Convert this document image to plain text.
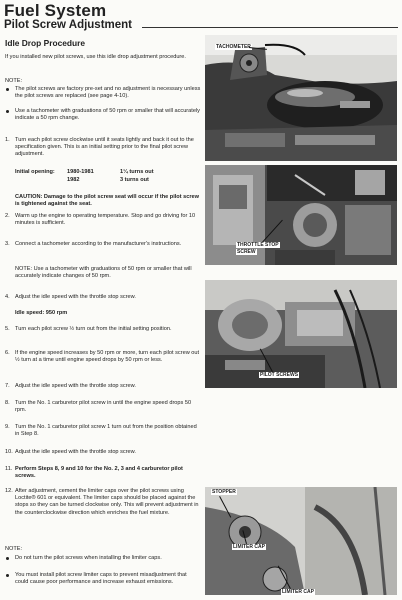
Fuel System
Pilot Screw Adjustment
Idle Drop Procedure
If you installed new pilot screws, use this idle drop adjustment procedure.
NOTE:
The pilot screws are factory pre-set and no adjustment is necessary unless the pilot screws are replaced (see page 4-10).
Use a tachometer with graduations of 50 rpm or smaller that will accurately indicate a 50 rpm change.
1. Turn each pilot screw clockwise until it seats lightly and back it out to the specification given. This is an initial setting prior to the final pilot screw adjustment.
Initial opening: 1980-1981	1¼ turns out
1982	3 turns out
CAUTION: Damage to the pilot screw seat will occur if the pilot screw is tightened against the seat.
2. Warm up the engine to operating temperature. Stop and go driving for 10 minutes is sufficient.
3. Connect a tachometer according to the manufacturer's instructions.
NOTE: Use a tachometer with graduations of 50 rpm or smaller that will accurately indicate changes of 50 rpm.
4. Adjust the idle speed with the throttle stop screw.
Idle speed: 950 rpm
5. Turn each pilot screw ½ turn out from the initial setting position.
6. If the engine speed increases by 50 rpm or more, turn each pilot screw out ½ turn at a time until engine speed drops by 50 rpm or less.
7. Adjust the idle speed with the throttle stop screw.
8. Turn the No. 1 carburetor pilot screw in until the engine speed drops 50 rpm.
9. Turn the No. 1 carburetor pilot screw 1 turn out from the position obtained in Step 8.
10. Adjust the idle speed with the throttle stop screw.
11. Perform Steps 8, 9 and 10 for the No. 2, 3 and 4 carburetor pilot screws.
12. After adjustment, cement the limiter caps over the pilot screws using Loctite® 601 or equivalent. The limiter caps should be placed against the stops so they can be turned clockwise only. This will prevent adjustment in the counterclockwise direction which enriches the fuel mixture.
NOTE:
Do not turn the pilot screws when installing the limiter caps.
You must install pilot screw limiter caps to prevent misadjustment that could cause poor performance and increase exhaust emissions.
TACHOMETER
THROTTLE STOP
SCREW
PILOT SCREWS
STOPPER
LIMITER CAP
LIMITER CAP
